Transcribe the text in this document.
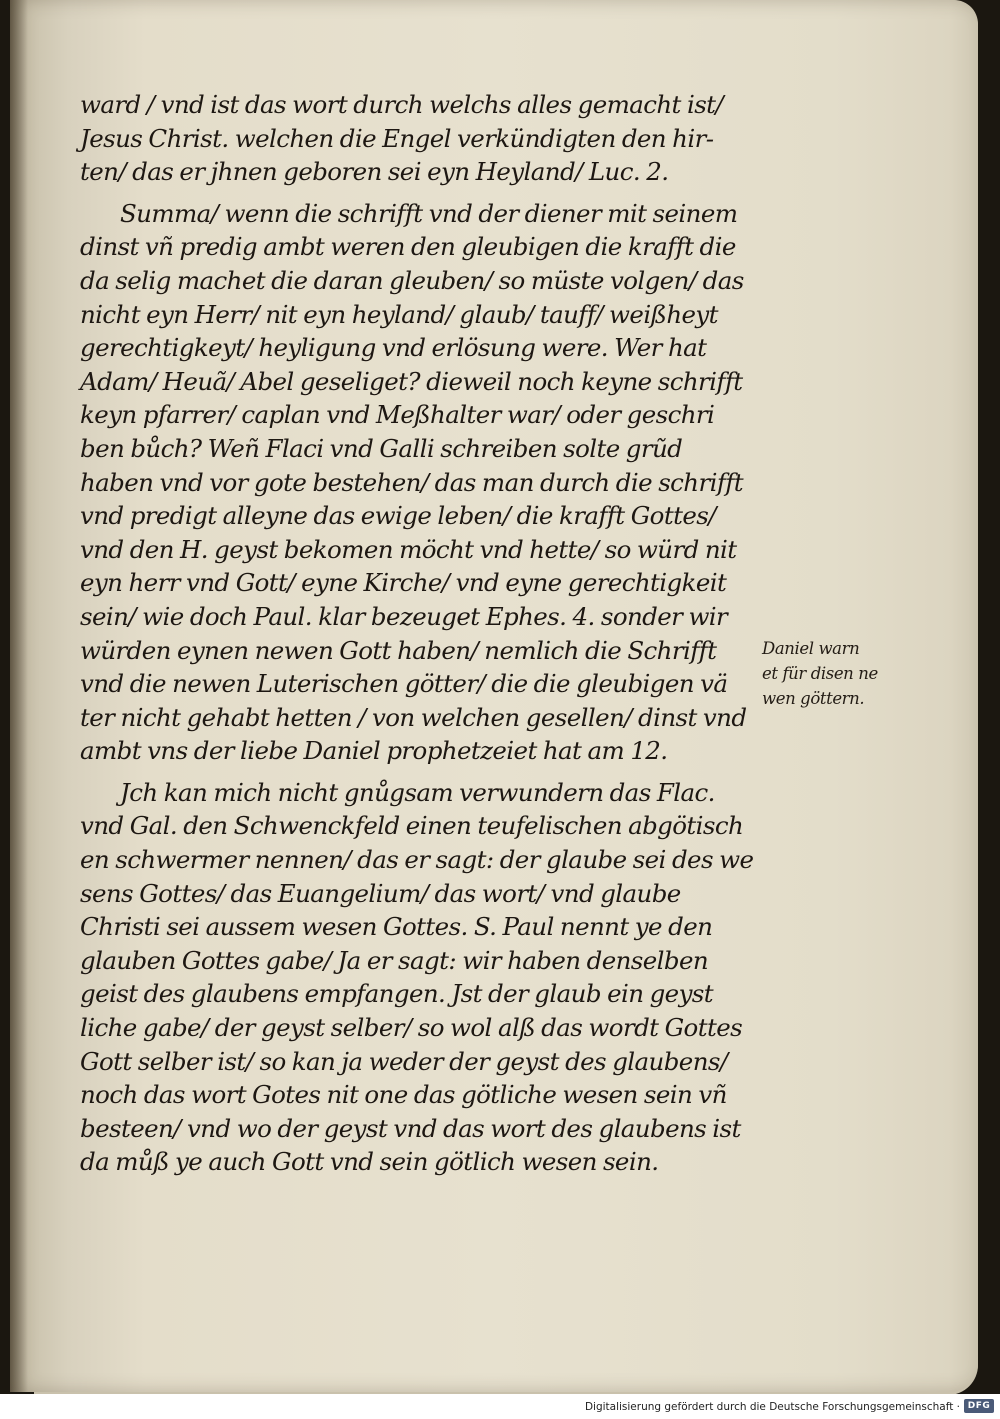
ward / vnd ist das wort durch welchs alles gemacht ist/
Jesus Christ. welchen die Engel verkündigten den hir-
ten/ das er jhnen geboren sei eyn Heyland/ Luc. 2.

Summa/ wenn die schrifft vnd der diener mit seinem
dinst vñ predig ambt weren den gleubigen die krafft die
da selig machet die daran gleuben/ so müste volgen/ das
nicht eyn Herr/ nit eyn heyland/ glaub/ tauff/ weißheyt
gerechtigkeyt/ heyligung vnd erlösung were. Wer hat
Adam/ Heuã/ Abel geseliget? dieweil noch keyne schrifft
keyn pfarrer/ caplan vnd Meßhalter war/ oder geschri
ben bůch? Weñ Flaci vnd Galli schreiben solte grũd
haben vnd vor gote bestehen/ das man durch die schrifft
vnd predigt alleyne das ewige leben/ die krafft Gottes/
vnd den H. geyst bekomen möcht vnd hette/ so würd nit
eyn herr vnd Gott/ eyne Kirche/ vnd eyne gerechtigkeit
sein/ wie doch Paul. klar bezeuget Ephes. 4. sonder wir
würden eynen newen Gott haben/ nemlich die Schrifft
vnd die newen Luterischen götter/ die die gleubigen vä
ter nicht gehabt hetten / von welchen gesellen/ dinst vnd
ambt vns der liebe Daniel prophetzeiet hat am 12.

Jch kan mich nicht gnůgsam verwundern das Flac.
vnd Gal. den Schwenckfeld einen teufelischen abgötisch
en schwermer nennen/ das er sagt: der glaube sei des we
sens Gottes/ das Euangelium/ das wort/ vnd glaube
Christi sei aussem wesen Gottes. S. Paul nennt ye den
glauben Gottes gabe/ Ja er sagt: wir haben denselben
geist des glaubens empfangen. Jst der glaub ein geyst
liche gabe/ der geyst selber/ so wol alß das wordt Gottes
Gott selber ist/ so kan ja weder der geyst des glaubens/
noch das wort Gotes nit one das götliche wesen sein vñ
besteen/ vnd wo der geyst vnd das wort des glaubens ist
da můß ye auch Gott vnd sein götlich wesen sein.

Daniel warn
et für disen ne
wen göttern.
Digitalisierung gefördert durch die Deutsche Forschungsgemeinschaft · DFG
